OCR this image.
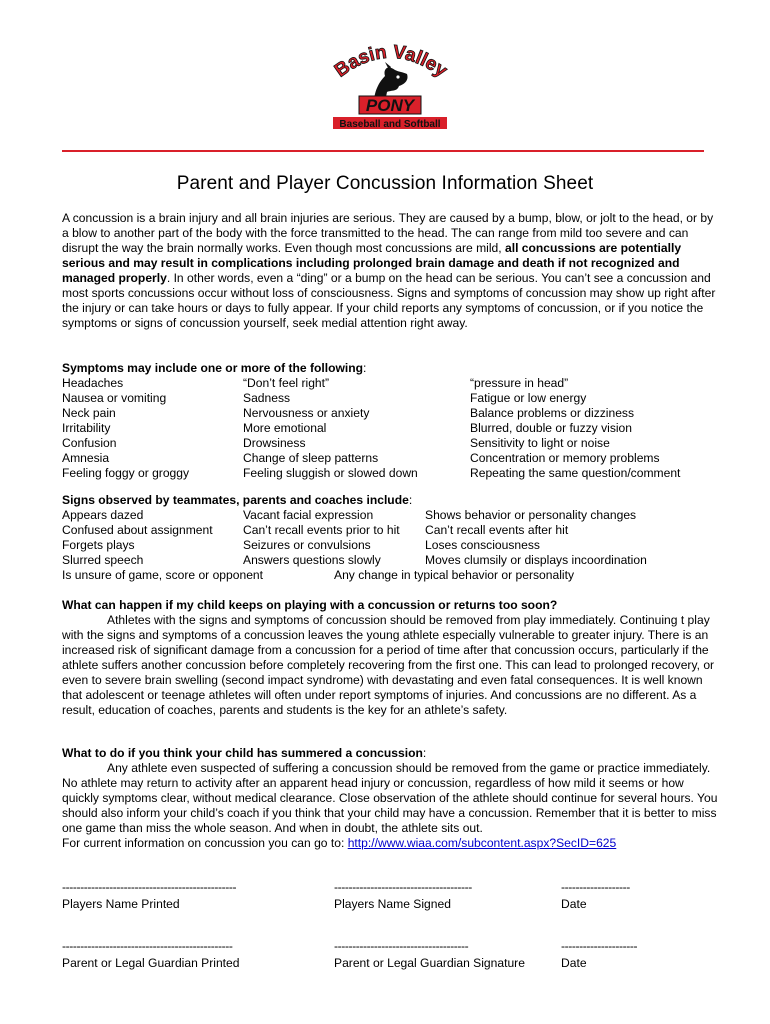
Basin Valley
PONY
Baseball and Softball
Parent and Player Concussion Information Sheet

A concussion is a brain injury and all brain injuries are serious. They are caused by a bump, blow, or jolt to the head, or by a blow to another part of the body with the force transmitted to the head. The can range from mild too severe and can disrupt the way the brain normally works. Even though most concussions are mild, all concussions are potentially serious and may result in complications including prolonged brain damage and death if not recognized and managed properly. In other words, even a “ding” or a bump on the head can be serious. You can’t see a concussion and most sports concussions occur without loss of consciousness. Signs and symptoms of concussion may show up right after the injury or can take hours or days to fully appear. If your child reports any symptoms of concussion, or if you notice the symptoms or signs of concussion yourself, seek medial attention right away.

Symptoms may include one or more of the following:
Headaches
Nausea or vomiting
Neck pain
Irritability
Confusion
Amnesia
Feeling foggy or groggy
“Don’t feel right”
Sadness
Nervousness or anxiety
More emotional
Drowsiness
Change of sleep patterns
Feeling sluggish or slowed down
“pressure in head”
Fatigue or low energy
Balance problems or dizziness
Blurred, double or fuzzy vision
Sensitivity to light or noise
Concentration or memory problems
Repeating the same question/comment
Signs observed by teammates, parents and coaches include:
Appears dazed
Confused about assignment
Forgets plays
Slurred speech
Vacant facial expression
Can’t recall events prior to hit
Seizures or convulsions
Answers questions slowly
Shows behavior or personality changes
Can’t recall events after hit
Loses consciousness
Moves clumsily or displays incoordination
Is unsure of game, score or opponent	Any change in typical behavior or personality
What can happen if my child keeps on playing with a concussion or returns too soon?

Athletes with the signs and symptoms of concussion should be removed from play immediately. Continuing t play with the signs and symptoms of a concussion leaves the young athlete especially vulnerable to greater injury. There is an increased risk of significant damage from a concussion for a period of time after that concussion occurs, particularly if the athlete suffers another concussion before completely recovering from the first one. This can lead to prolonged recovery, or even to severe brain swelling (second impact syndrome) with devastating and even fatal consequences. It is well known that adolescent or teenage athletes will often under report symptoms of injuries. And concussions are no different. As a result, education of coaches, parents and students is the key for an athlete’s safety.

What to do if you think your child has summered a concussion:

Any athlete even suspected of suffering a concussion should be removed from the game or practice immediately. No athlete may return to activity after an apparent head injury or concussion, regardless of how mild it seems or how quickly symptoms clear, without medical clearance. Close observation of the athlete should continue for several hours. You should also inform your child’s coach if you think that your child may have a concussion. Remember that it is better to miss one game than miss the whole season. And when in doubt, the athlete sits out.

For current information on concussion you can go to: http://www.wiaa.com/subcontent.aspx?SecID=625

------------------------------------------------
Players Name Printed
--------------------------------------
Players Name Signed
-------------------
Date
-----------------------------------------------
Parent or Legal Guardian Printed
-------------------------------------
Parent or Legal Guardian Signature
---------------------
Date
